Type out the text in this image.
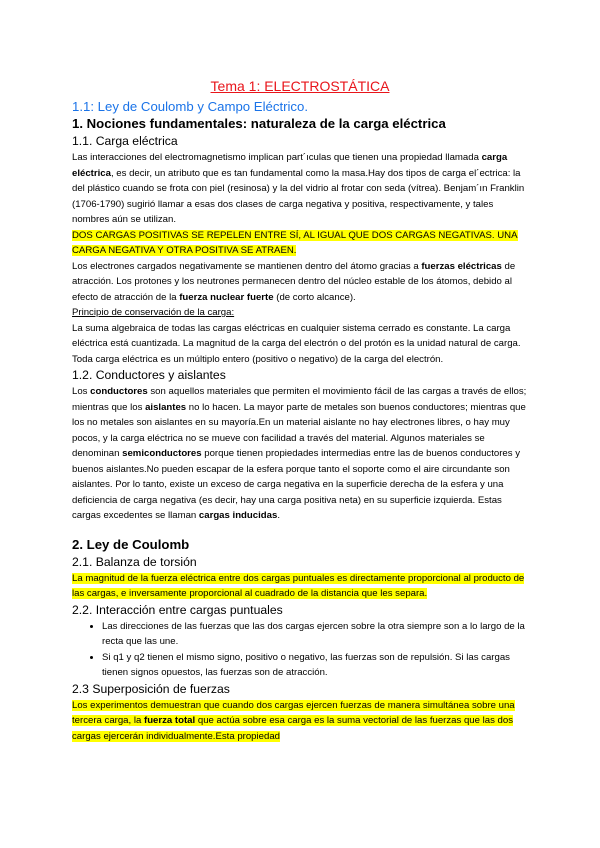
Tema 1: ELECTROSTÁTICA
1.1: Ley de Coulomb y Campo Eléctrico.
1. Nociones fundamentales: naturaleza de la carga eléctrica
1.1. Carga eléctrica

Las interacciones del electromagnetismo implican part´ıculas que tienen una propiedad llamada carga eléctrica, es decir, un atributo que es tan fundamental como la masa.Hay dos tipos de carga el´ectrica: la del plástico cuando se frota con piel (resinosa) y la del vidrio al frotar con seda (vítrea). Benjam´ın Franklin (1706-1790) sugirió llamar a esas dos clases de carga negativa y positiva, respectivamente, y tales nombres aún se utilizan.

DOS CARGAS POSITIVAS SE REPELEN ENTRE SÍ, AL IGUAL QUE DOS CARGAS NEGATIVAS. UNA CARGA NEGATIVA Y OTRA POSITIVA SE ATRAEN.

Los electrones cargados negativamente se mantienen dentro del átomo gracias a fuerzas eléctricas de atracción. Los protones y los neutrones permanecen dentro del núcleo estable de los átomos, debido al efecto de atracción de la fuerza nuclear fuerte (de corto alcance).

Principio de conservación de la carga:

La suma algebraica de todas las cargas eléctricas en cualquier sistema cerrado es constante. La carga eléctrica está cuantizada. La magnitud de la carga del electrón o del protón es la unidad natural de carga. Toda carga eléctrica es un múltiplo entero (positivo o negativo) de la carga del electrón.

1.2. Conductores y aislantes

Los conductores son aquellos materiales que permiten el movimiento fácil de las cargas a través de ellos; mientras que los aislantes no lo hacen. La mayor parte de metales son buenos conductores; mientras que los no metales son aislantes en su mayoría.En un material aislante no hay electrones libres, o hay muy pocos, y la carga eléctrica no se mueve con facilidad a través del material. Algunos materiales se denominan semiconductores porque tienen propiedades intermedias entre las de buenos conductores y buenos aislantes.No pueden escapar de la esfera porque tanto el soporte como el aire circundante son aislantes. Por lo tanto, existe un exceso de carga negativa en la superficie derecha de la esfera y una deficiencia de carga negativa (es decir, hay una carga positiva neta) en su superficie izquierda. Estas cargas excedentes se llaman cargas inducidas.

2. Ley de Coulomb
2.1. Balanza de torsión

La magnitud de la fuerza eléctrica entre dos cargas puntuales es directamente proporcional al producto de las cargas, e inversamente proporcional al cuadrado de la distancia que les separa.

2.2. Interacción entre cargas puntuales
• Las direcciones de las fuerzas que las dos cargas ejercen sobre la otra siempre son a lo largo de la recta que las une.
• Si q1 y q2 tienen el mismo signo, positivo o negativo, las fuerzas son de repulsión. Si las cargas tienen signos opuestos, las fuerzas son de atracción.
2.3 Superposición de fuerzas

Los experimentos demuestran que cuando dos cargas ejercen fuerzas de manera simultánea sobre una tercera carga, la fuerza total que actúa sobre esa carga es la suma vectorial de las fuerzas que las dos cargas ejercerán individualmente.Esta propiedad
